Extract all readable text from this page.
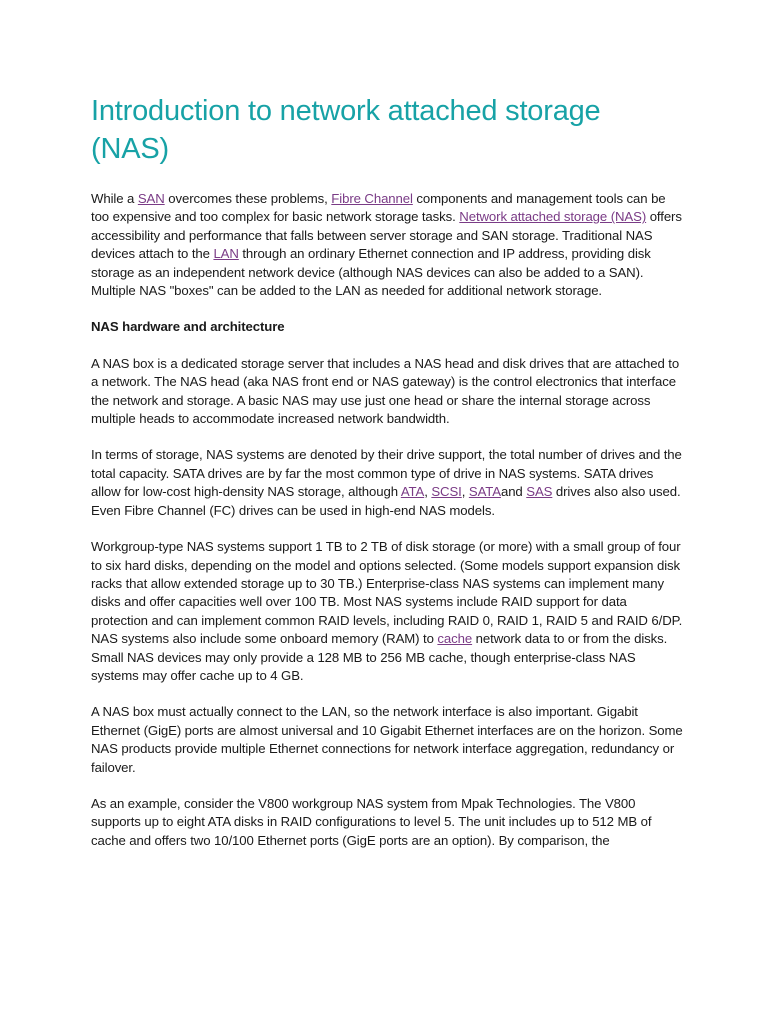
Introduction to network attached storage (NAS)

While a SAN overcomes these problems, Fibre Channel components and management tools can be too expensive and too complex for basic network storage tasks. Network attached storage (NAS) offers accessibility and performance that falls between server storage and SAN storage. Traditional NAS devices attach to the LAN through an ordinary Ethernet connection and IP address, providing disk storage as an independent network device (although NAS devices can also be added to a SAN). Multiple NAS "boxes" can be added to the LAN as needed for additional network storage.

NAS hardware and architecture

A NAS box is a dedicated storage server that includes a NAS head and disk drives that are attached to a network. The NAS head (aka NAS front end or NAS gateway) is the control electronics that interface the network and storage. A basic NAS may use just one head or share the internal storage across multiple heads to accommodate increased network bandwidth.

In terms of storage, NAS systems are denoted by their drive support, the total number of drives and the total capacity. SATA drives are by far the most common type of drive in NAS systems. SATA drives allow for low-cost high-density NAS storage, although ATA, SCSI, SATAand SAS drives also also used. Even Fibre Channel (FC) drives can be used in high-end NAS models.

Workgroup-type NAS systems support 1 TB to 2 TB of disk storage (or more) with a small group of four to six hard disks, depending on the model and options selected. (Some models support expansion disk racks that allow extended storage up to 30 TB.) Enterprise-class NAS systems can implement many disks and offer capacities well over 100 TB. Most NAS systems include RAID support for data protection and can implement common RAID levels, including RAID 0, RAID 1, RAID 5 and RAID 6/DP. NAS systems also include some onboard memory (RAM) to cache network data to or from the disks. Small NAS devices may only provide a 128 MB to 256 MB cache, though enterprise-class NAS systems may offer cache up to 4 GB.

A NAS box must actually connect to the LAN, so the network interface is also important. Gigabit Ethernet (GigE) ports are almost universal and 10 Gigabit Ethernet interfaces are on the horizon. Some NAS products provide multiple Ethernet connections for network interface aggregation, redundancy or failover.

As an example, consider the V800 workgroup NAS system from Mpak Technologies. The V800 supports up to eight ATA disks in RAID configurations to level 5. The unit includes up to 512 MB of cache and offers two 10/100 Ethernet ports (GigE ports are an option). By comparison, the
